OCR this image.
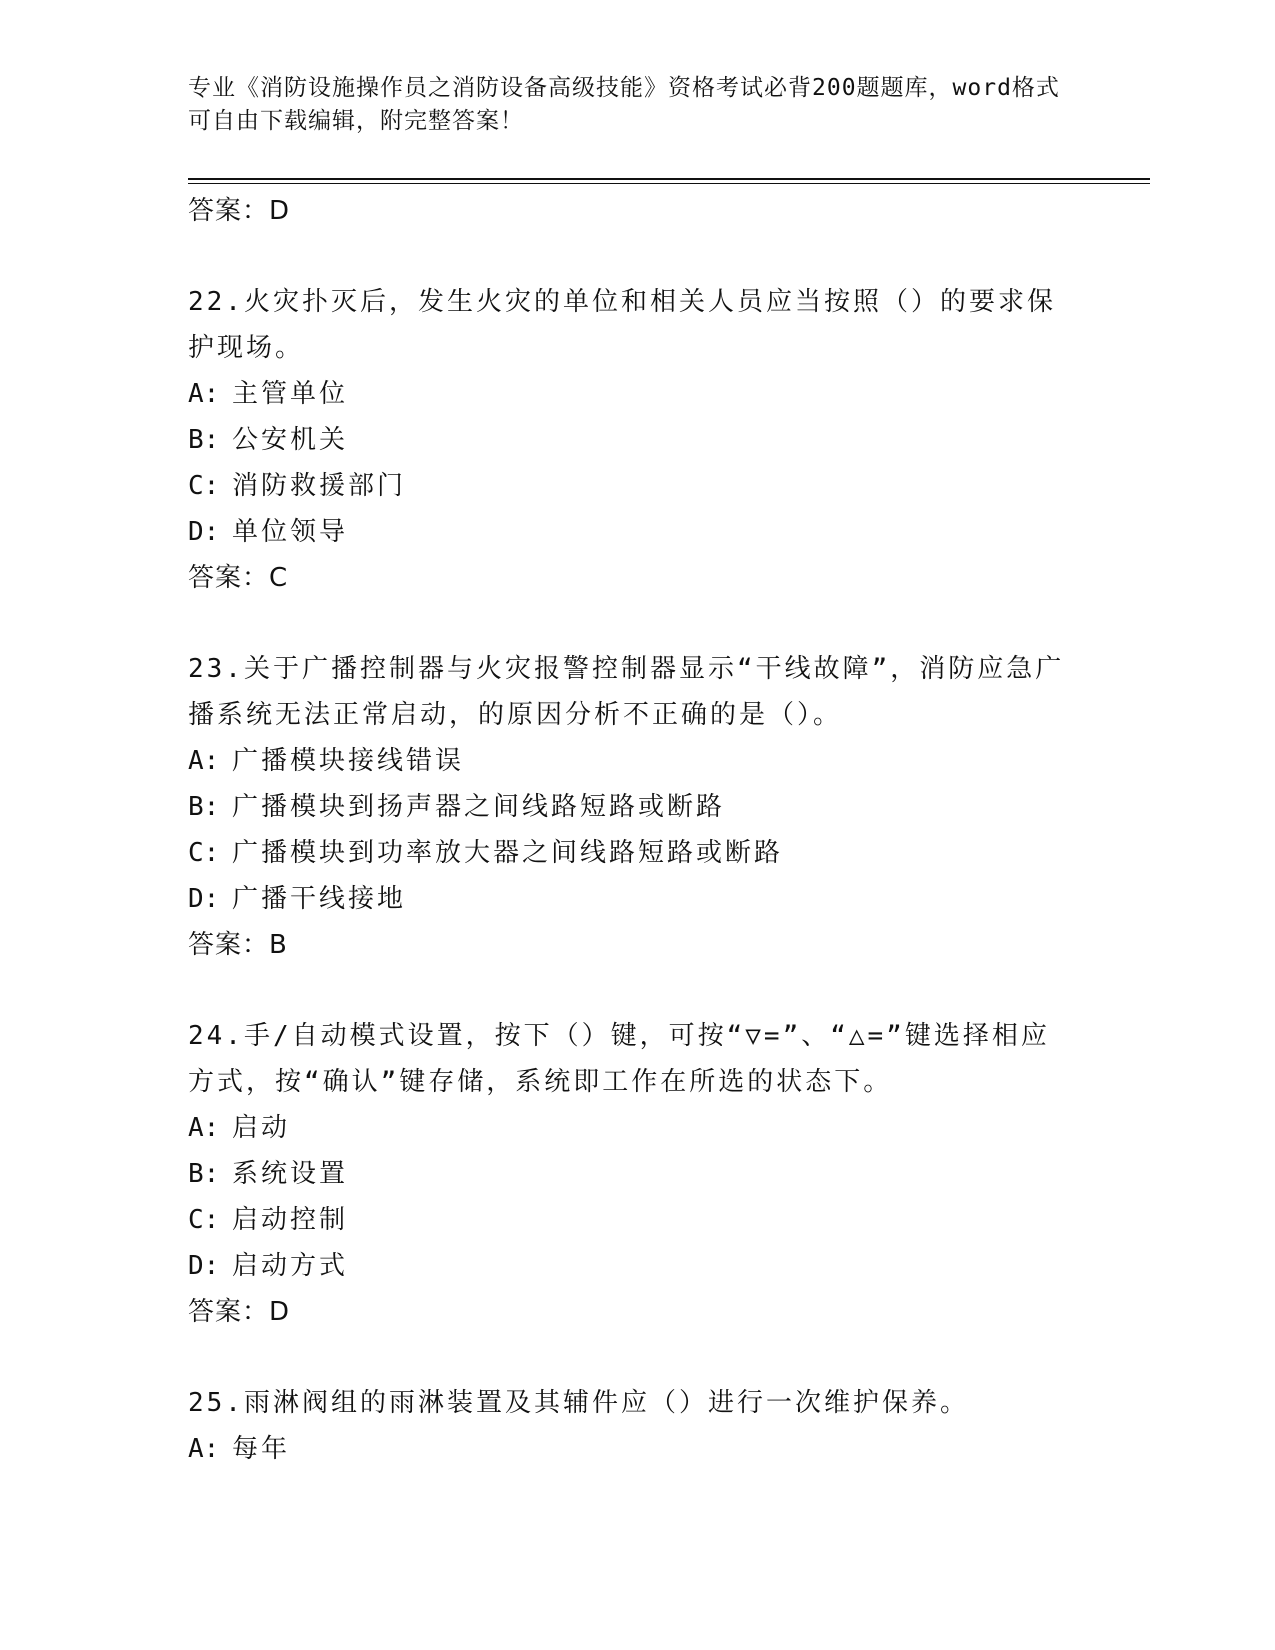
专业《消防设施操作员之消防设备高级技能》资格考试必背200题题库，word格式可自由下载编辑，附完整答案！
答案：D
22.火灾扑灭后，发生火灾的单位和相关人员应当按照（）的要求保护现场。
A: 主管单位
B: 公安机关
C: 消防救援部门
D: 单位领导
答案：C
23.关于广播控制器与火灾报警控制器显示“干线故障”，消防应急广播系统无法正常启动，的原因分析不正确的是（）。
A: 广播模块接线错误
B: 广播模块到扬声器之间线路短路或断路
C: 广播模块到功率放大器之间线路短路或断路
D: 广播干线接地
答案：B
24.手/自动模式设置，按下（）键，可按“▽=”、“△=”键选择相应方式，按“确认”键存储，系统即工作在所选的状态下。
A: 启动
B: 系统设置
C: 启动控制
D: 启动方式
答案：D
25.雨淋阀组的雨淋装置及其辅件应（）进行一次维护保养。
A: 每年
